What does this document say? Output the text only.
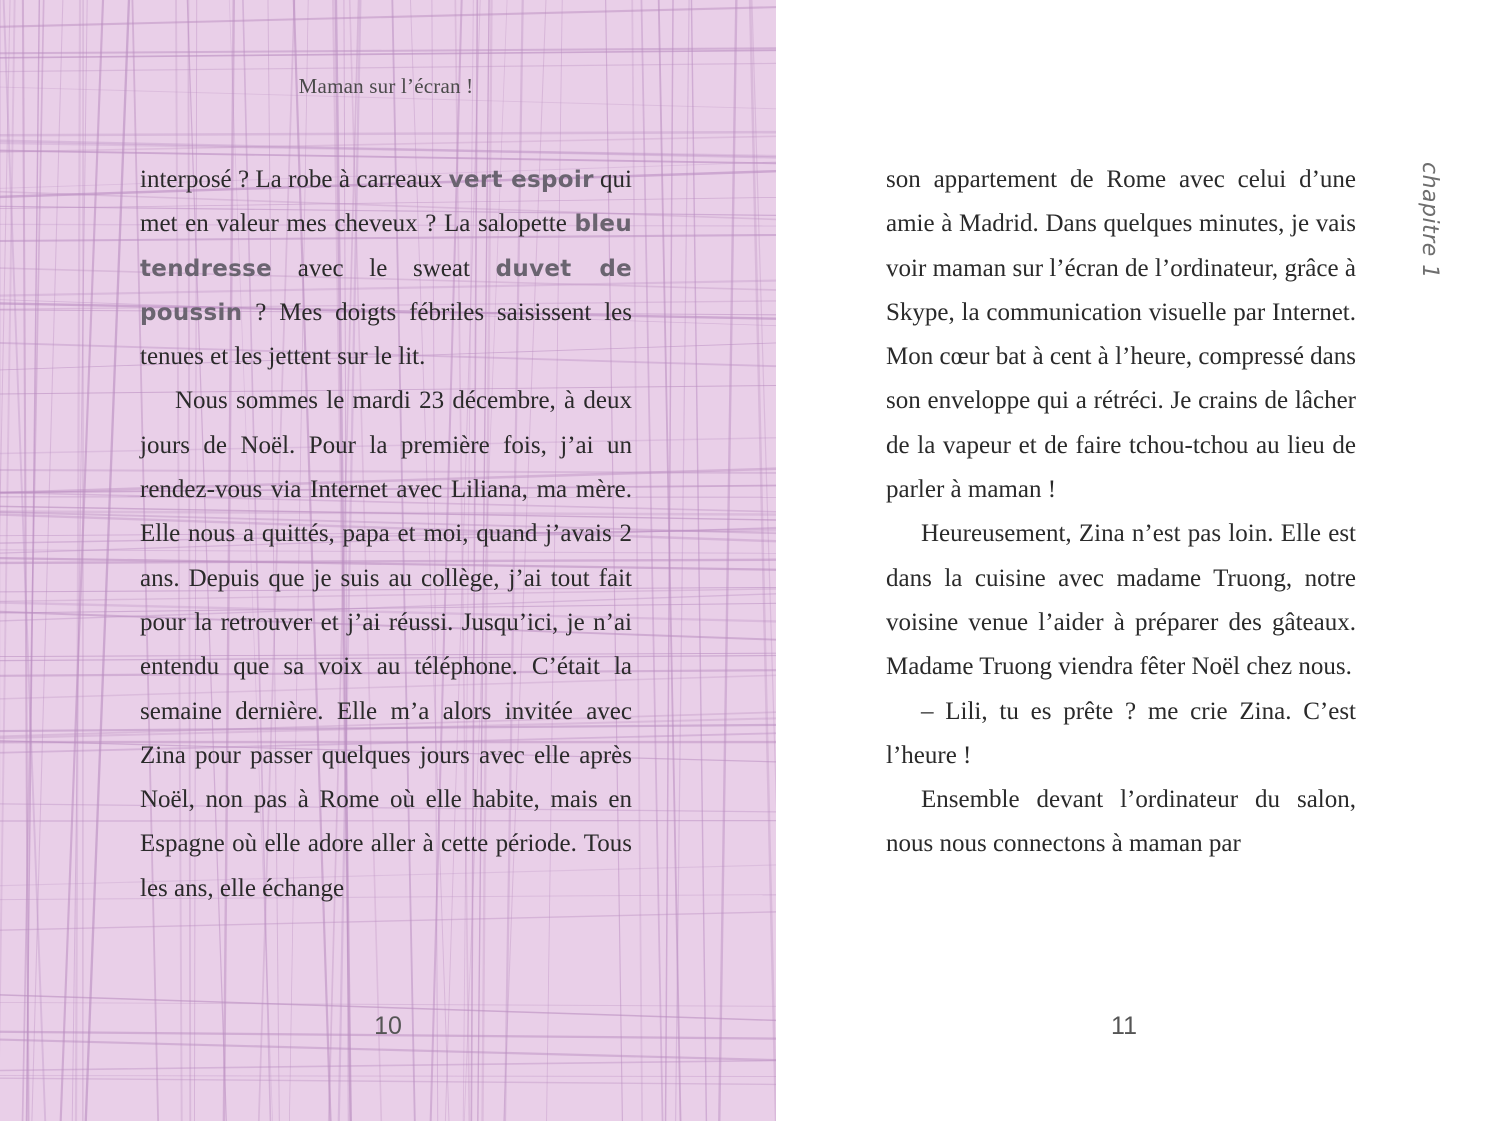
Maman sur l’écran !

interposé ? La robe à carreaux vert espoir qui met en valeur mes cheveux ? La salopette bleu tendresse avec le sweat duvet de poussin ? Mes doigts fébriles saisissent les tenues et les jettent sur le lit.

Nous sommes le mardi 23 décembre, à deux jours de Noël. Pour la première fois, j’ai un rendez-vous via Internet avec Liliana, ma mère. Elle nous a quittés, papa et moi, quand j’avais 2 ans. Depuis que je suis au collège, j’ai tout fait pour la retrouver et j’ai réussi. Jusqu’ici, je n’ai entendu que sa voix au téléphone. C’était la semaine dernière. Elle m’a alors invitée avec Zina pour passer quelques jours avec elle après Noël, non pas à Rome où elle habite, mais en Espagne où elle adore aller à cette période. Tous les ans, elle échange

10

son appartement de Rome avec celui d’une amie à Madrid. Dans quelques minutes, je vais voir maman sur l’écran de l’ordinateur, grâce à Skype, la communication visuelle par Internet. Mon cœur bat à cent à l’heure, compressé dans son enveloppe qui a rétréci. Je crains de lâcher de la vapeur et de faire tchou-tchou au lieu de parler à maman !

Heureusement, Zina n’est pas loin. Elle est dans la cuisine avec madame Truong, notre voisine venue l’aider à préparer des gâteaux. Madame Truong viendra fêter Noël chez nous.

– Lili, tu es prête ? me crie Zina. C’est l’heure !

Ensemble devant l’ordinateur du salon, nous nous connectons à maman par

chapitre 1
11
